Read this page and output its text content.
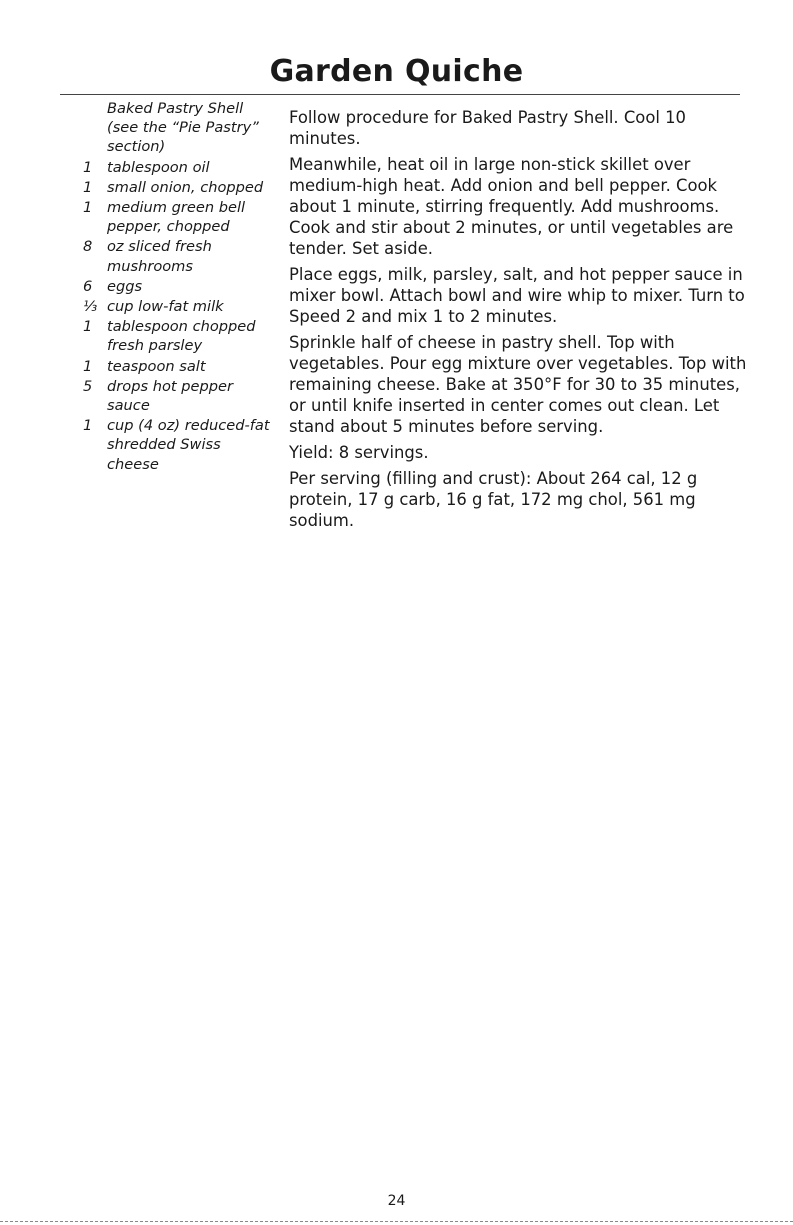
Garden Quiche
Baked Pastry Shell (see the “Pie Pastry” section)
1	tablespoon oil
1	small onion, chopped
1	medium green bell pepper, chopped
8	oz sliced fresh mushrooms
6	eggs
⅓ cup low-fat milk
1	tablespoon chopped fresh parsley
1	teaspoon salt
5	drops hot pepper sauce
1	cup (4 oz) reduced-fat shredded Swiss cheese

Follow procedure for Baked Pastry Shell. Cool 10 minutes.

Meanwhile, heat oil in large non-stick skillet over medium-high heat. Add onion and bell pepper. Cook about 1 minute, stirring frequently. Add mushrooms. Cook and stir about 2 minutes, or until vegetables are tender. Set aside.

Place eggs, milk, parsley, salt, and hot pepper sauce in mixer bowl. Attach bowl and wire whip to mixer. Turn to Speed 2 and mix 1 to 2 minutes.

Sprinkle half of cheese in pastry shell. Top with vegetables. Pour egg mixture over vegetables. Top with remaining cheese. Bake at 350°F for 30 to 35 minutes, or until knife inserted in center comes out clean. Let stand about 5 minutes before serving.

Yield: 8 servings.

Per serving (filling and crust): About 264 cal, 12 g protein, 17 g carb, 16 g fat, 172 mg chol, 561 mg sodium.

24
